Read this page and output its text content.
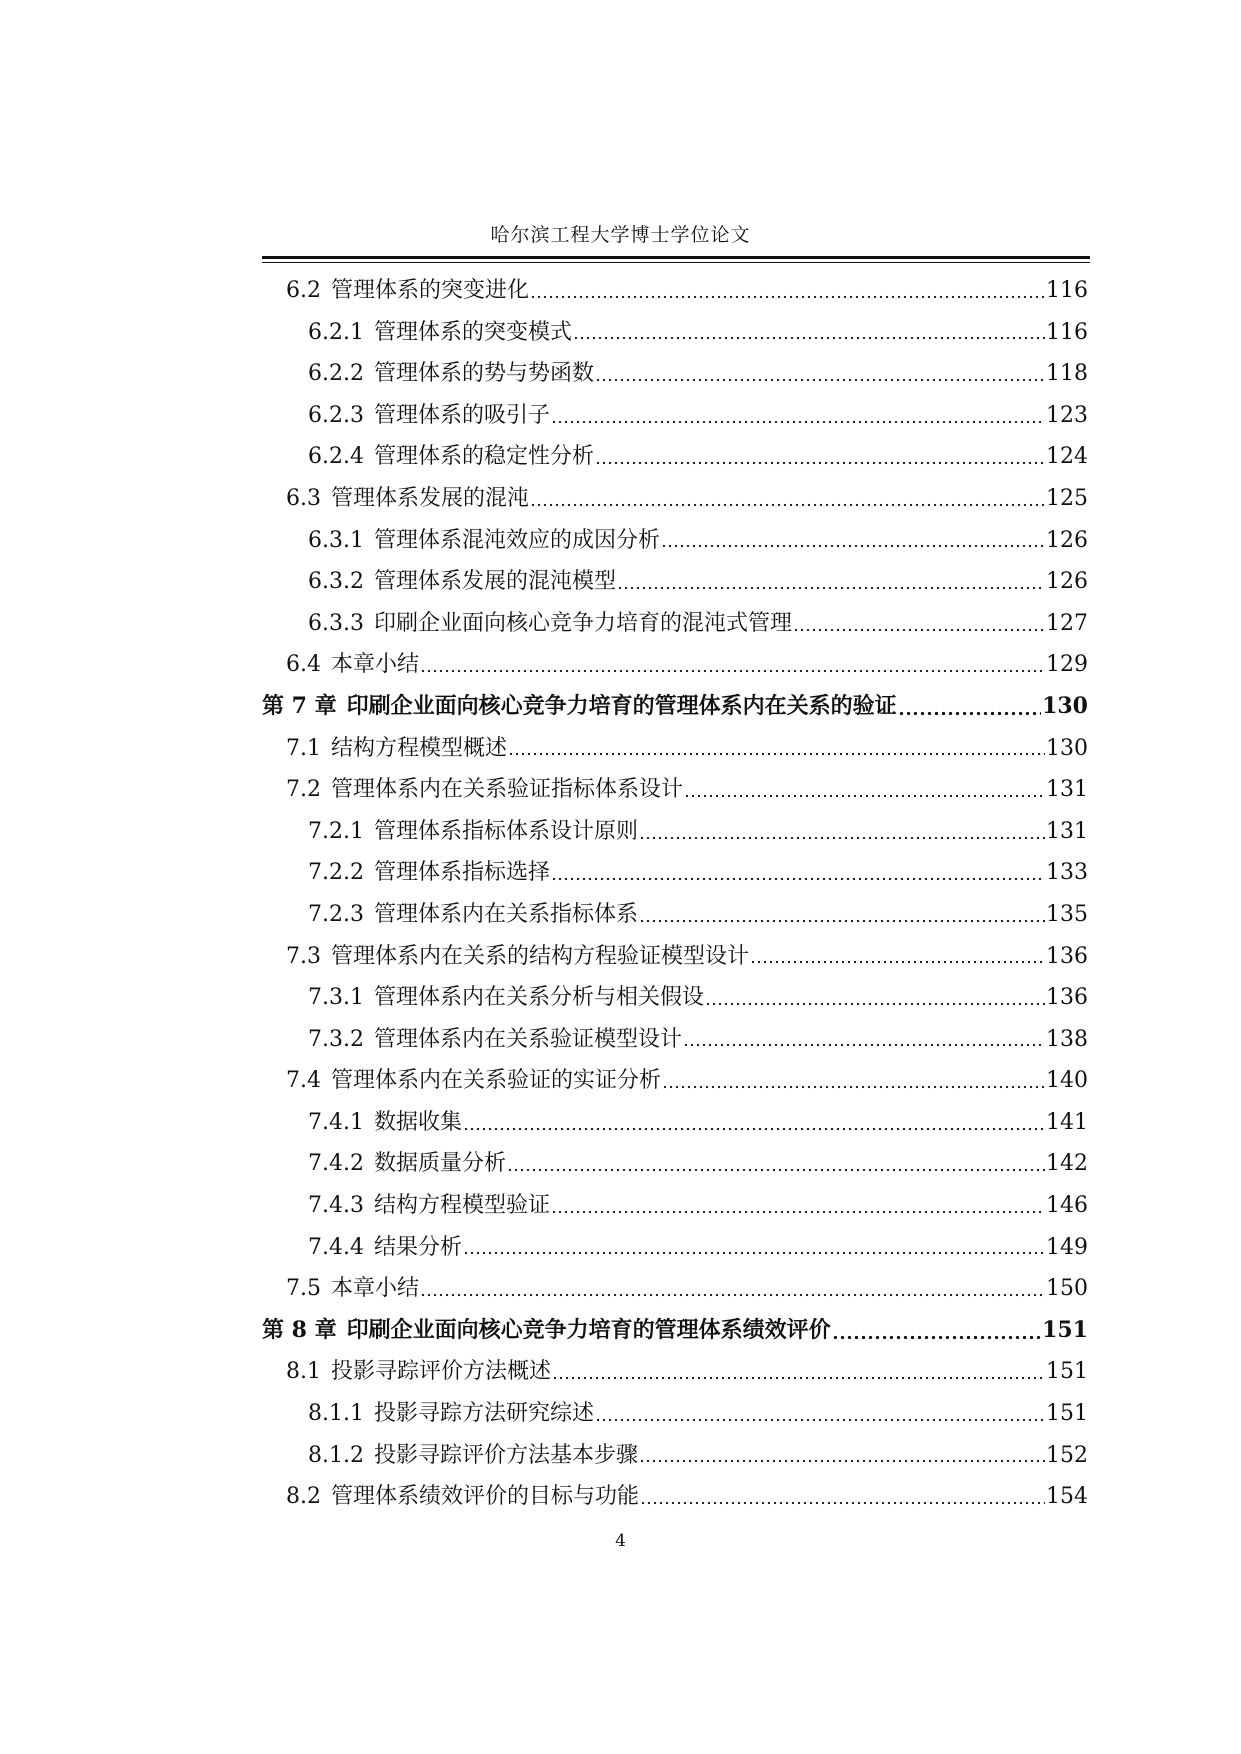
哈尔滨工程大学博士学位论文
6.2 管理体系的突变进化	116
6.2.1 管理体系的突变模式	116
6.2.2 管理体系的势与势函数	118
6.2.3 管理体系的吸引子	123
6.2.4 管理体系的稳定性分析	124
6.3 管理体系发展的混沌	125
6.3.1 管理体系混沌效应的成因分析	126
6.3.2 管理体系发展的混沌模型	126
6.3.3 印刷企业面向核心竞争力培育的混沌式管理	127
6.4 本章小结	129
第 7 章 印刷企业面向核心竞争力培育的管理体系内在关系的验证	130
7.1 结构方程模型概述	130
7.2 管理体系内在关系验证指标体系设计	131
7.2.1 管理体系指标体系设计原则	131
7.2.2 管理体系指标选择	133
7.2.3 管理体系内在关系指标体系	135
7.3 管理体系内在关系的结构方程验证模型设计	136
7.3.1 管理体系内在关系分析与相关假设	136
7.3.2 管理体系内在关系验证模型设计	138
7.4 管理体系内在关系验证的实证分析	140
7.4.1 数据收集	141
7.4.2 数据质量分析	142
7.4.3 结构方程模型验证	146
7.4.4 结果分析	149
7.5 本章小结	150
第 8 章 印刷企业面向核心竞争力培育的管理体系绩效评价	151
8.1 投影寻踪评价方法概述	151
8.1.1 投影寻踪方法研究综述	151
8.1.2 投影寻踪评价方法基本步骤	152
8.2 管理体系绩效评价的目标与功能	154
4
